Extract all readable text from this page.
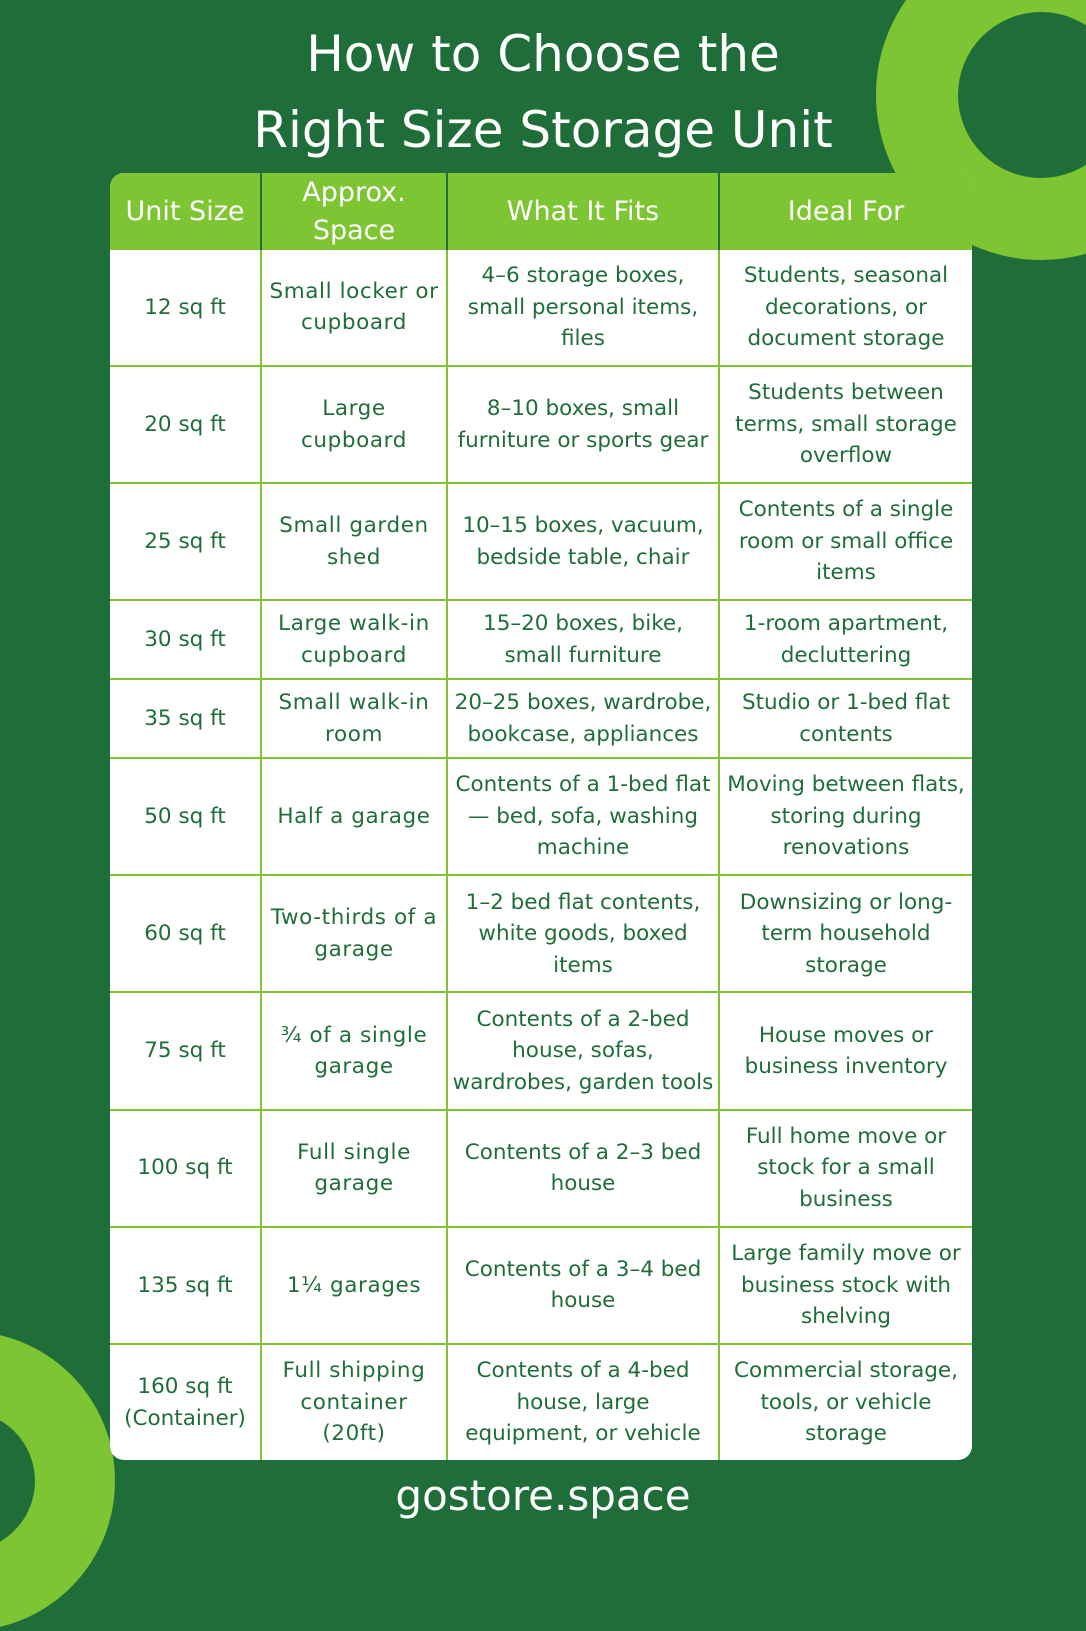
How to Choose the
Right Size Storage Unit
Unit Size	Approx. Space	What It Fits	Ideal For
12 sq ft	Small locker or cupboard	4–6 storage boxes, small personal items, files	Students, seasonal decorations, or document storage
20 sq ft	Large cupboard	8–10 boxes, small furniture or sports gear	Students between terms, small storage overflow
25 sq ft	Small garden shed	10–15 boxes, vacuum, bedside table, chair	Contents of a single room or small office items
30 sq ft	Large walk-in cupboard	15–20 boxes, bike, small furniture	1-room apartment, decluttering
35 sq ft	Small walk-in room	20–25 boxes, wardrobe, bookcase, appliances	Studio or 1-bed flat contents
50 sq ft	Half a garage	Contents of a 1-bed flat — bed, sofa, washing machine	Moving between flats, storing during renovations
60 sq ft	Two-thirds of a garage	1–2 bed flat contents, white goods, boxed items	Downsizing or long-term household storage
75 sq ft	¾ of a single garage	Contents of a 2-bed house, sofas, wardrobes, garden tools	House moves or business inventory
100 sq ft	Full single garage	Contents of a 2–3 bed house	Full home move or stock for a small business
135 sq ft	1¼ garages	Contents of a 3–4 bed house	Large family move or business stock with shelving
160 sq ft (Container)	Full shipping container (20ft)	Contents of a 4-bed house, large equipment, or vehicle	Commercial storage, tools, or vehicle storage
gostore.space
